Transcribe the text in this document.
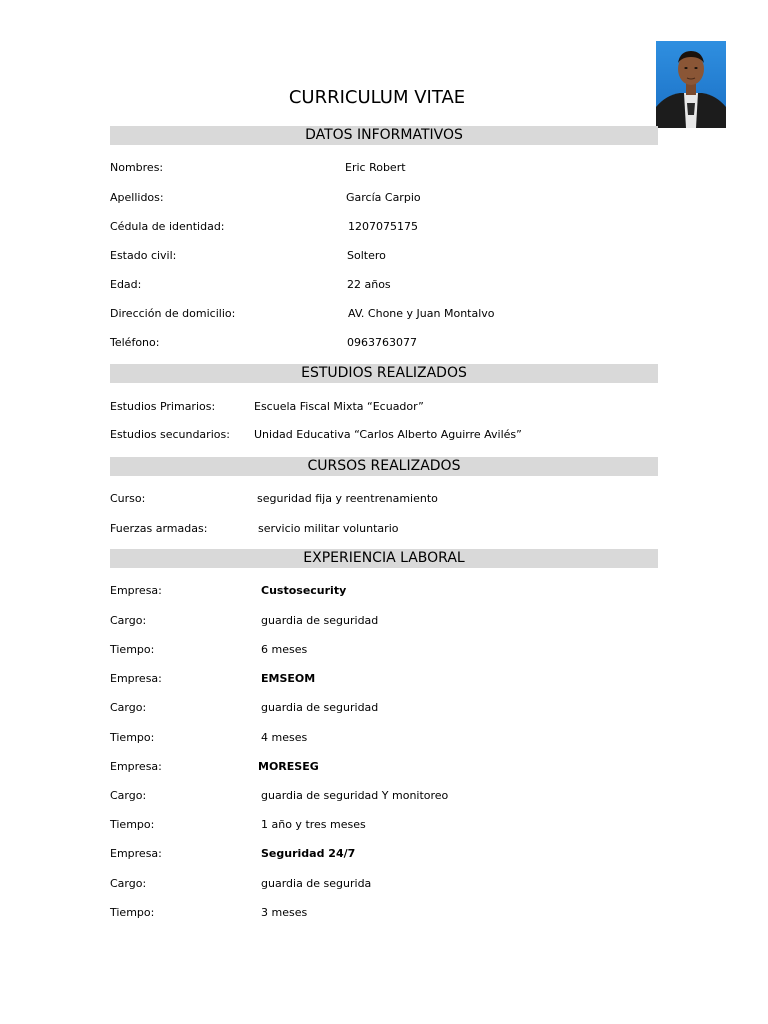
CURRICULUM VITAE
DATOS INFORMATIVOS
Nombres:	Eric Robert
Apellidos:	García Carpio
Cédula de identidad:	1207075175
Estado civil:	Soltero
Edad:	22 años
Dirección de domicilio:	AV. Chone y Juan Montalvo
Teléfono:	0963763077
ESTUDIOS REALIZADOS
Estudios Primarios:	Escuela Fiscal Mixta “Ecuador”
Estudios secundarios: Unidad Educativa “Carlos Alberto Aguirre Avilés”
CURSOS REALIZADOS
Curso:	seguridad fija y reentrenamiento
Fuerzas armadas:	servicio militar voluntario
EXPERIENCIA LABORAL
Empresa:	Custosecurity
Cargo:	guardia de seguridad
Tiempo:	6 meses
Empresa:	EMSEOM
Cargo:	guardia de seguridad
Tiempo:	4 meses
Empresa:	MORESEG
Cargo:	guardia de seguridad Y monitoreo
Tiempo:	1 año y tres meses
Empresa:	Seguridad 24/7
Cargo:	guardia de segurida
Tiempo:	3 meses
